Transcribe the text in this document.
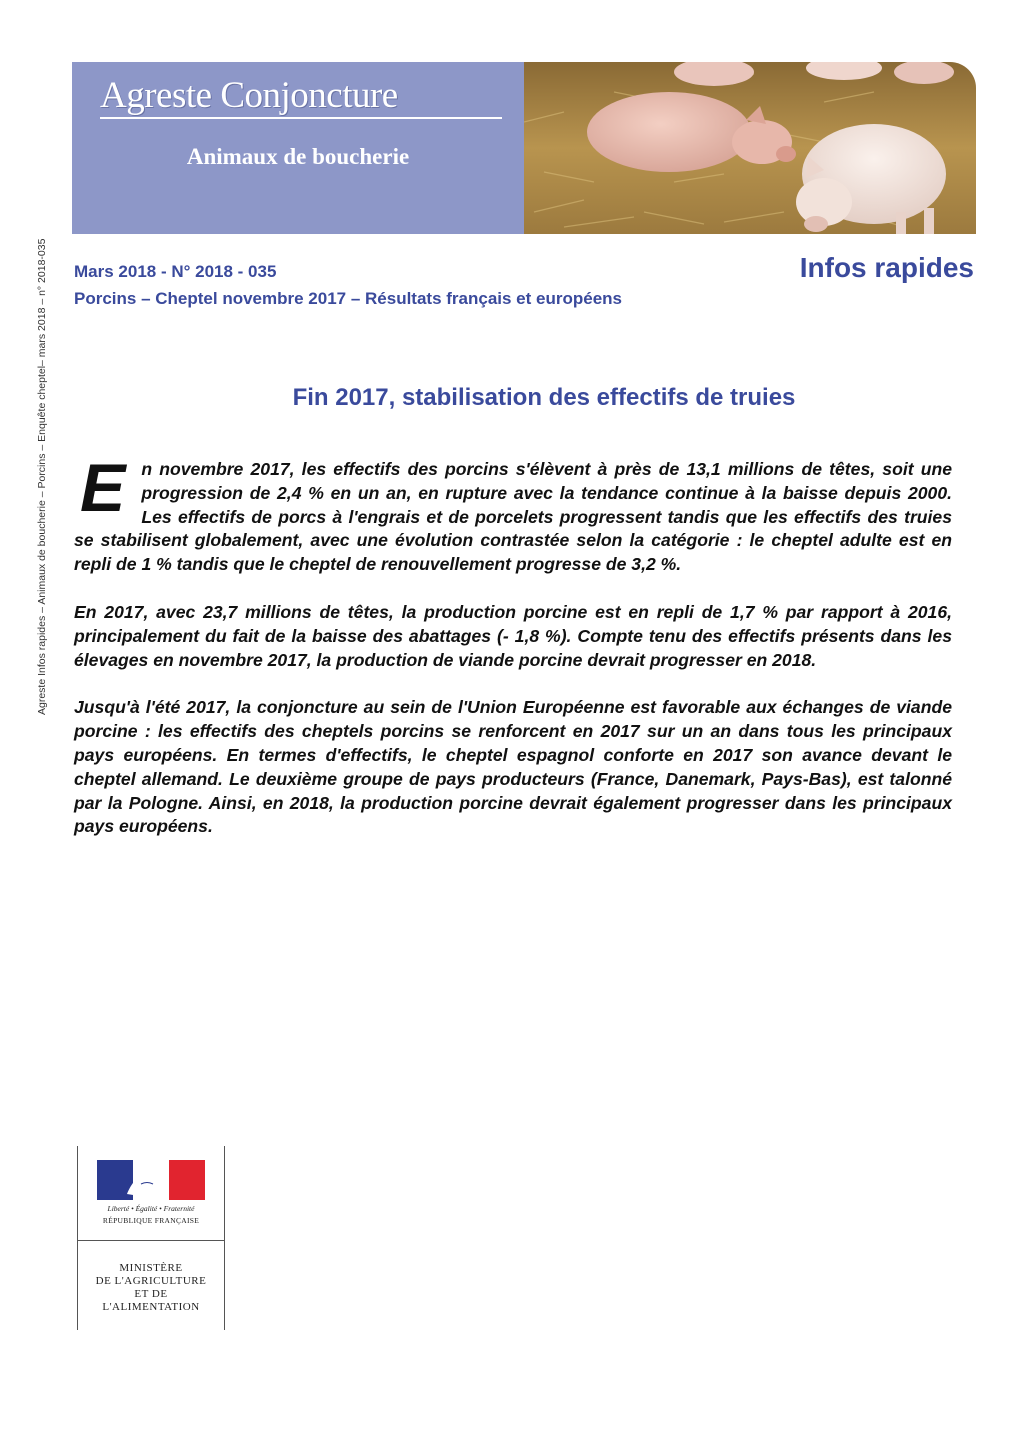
Agreste Infos rapides – Animaux de boucherie – Porcins – Enquête cheptel– mars 2018 – n° 2018-035
Agreste Conjoncture
Animaux de boucherie
Mars 2018 - N° 2018 - 035
Porcins – Cheptel novembre 2017 – Résultats français et européens
Infos rapides
Fin 2017, stabilisation des effectifs de truies

En novembre 2017, les effectifs des porcins s'élèvent à près de 13,1 millions de têtes, soit une progression de 2,4 % en un an, en rupture avec la tendance continue à la baisse depuis 2000. Les effectifs de porcs à l'engrais et de porcelets progressent tandis que les effectifs des truies se stabilisent globalement, avec une évolution contrastée selon la catégorie : le cheptel adulte est en repli de 1 % tandis que le cheptel de renouvellement progresse de 3,2 %.

En 2017, avec 23,7 millions de têtes, la production porcine est en repli de 1,7 % par rapport à 2016, principalement du fait de la baisse des abattages (- 1,8 %). Compte tenu des effectifs présents dans les élevages en novembre 2017, la production de viande porcine devrait progresser en 2018.

Jusqu'à l'été 2017, la conjoncture au sein de l'Union Européenne est favorable aux échanges de viande porcine : les effectifs des cheptels porcins se renforcent en 2017 sur un an dans tous les principaux pays européens. En termes d'effectifs, le cheptel espagnol conforte en 2017 son avance devant le cheptel allemand. Le deuxième groupe de pays producteurs (France, Danemark, Pays-Bas), est talonné par la Pologne. Ainsi, en 2018, la production porcine devrait également progresser dans les principaux pays européens.

Liberté • Égalité • Fraternité
RÉPUBLIQUE FRANÇAISE
MINISTÈRE
DE L'AGRICULTURE
ET DE
L'ALIMENTATION
